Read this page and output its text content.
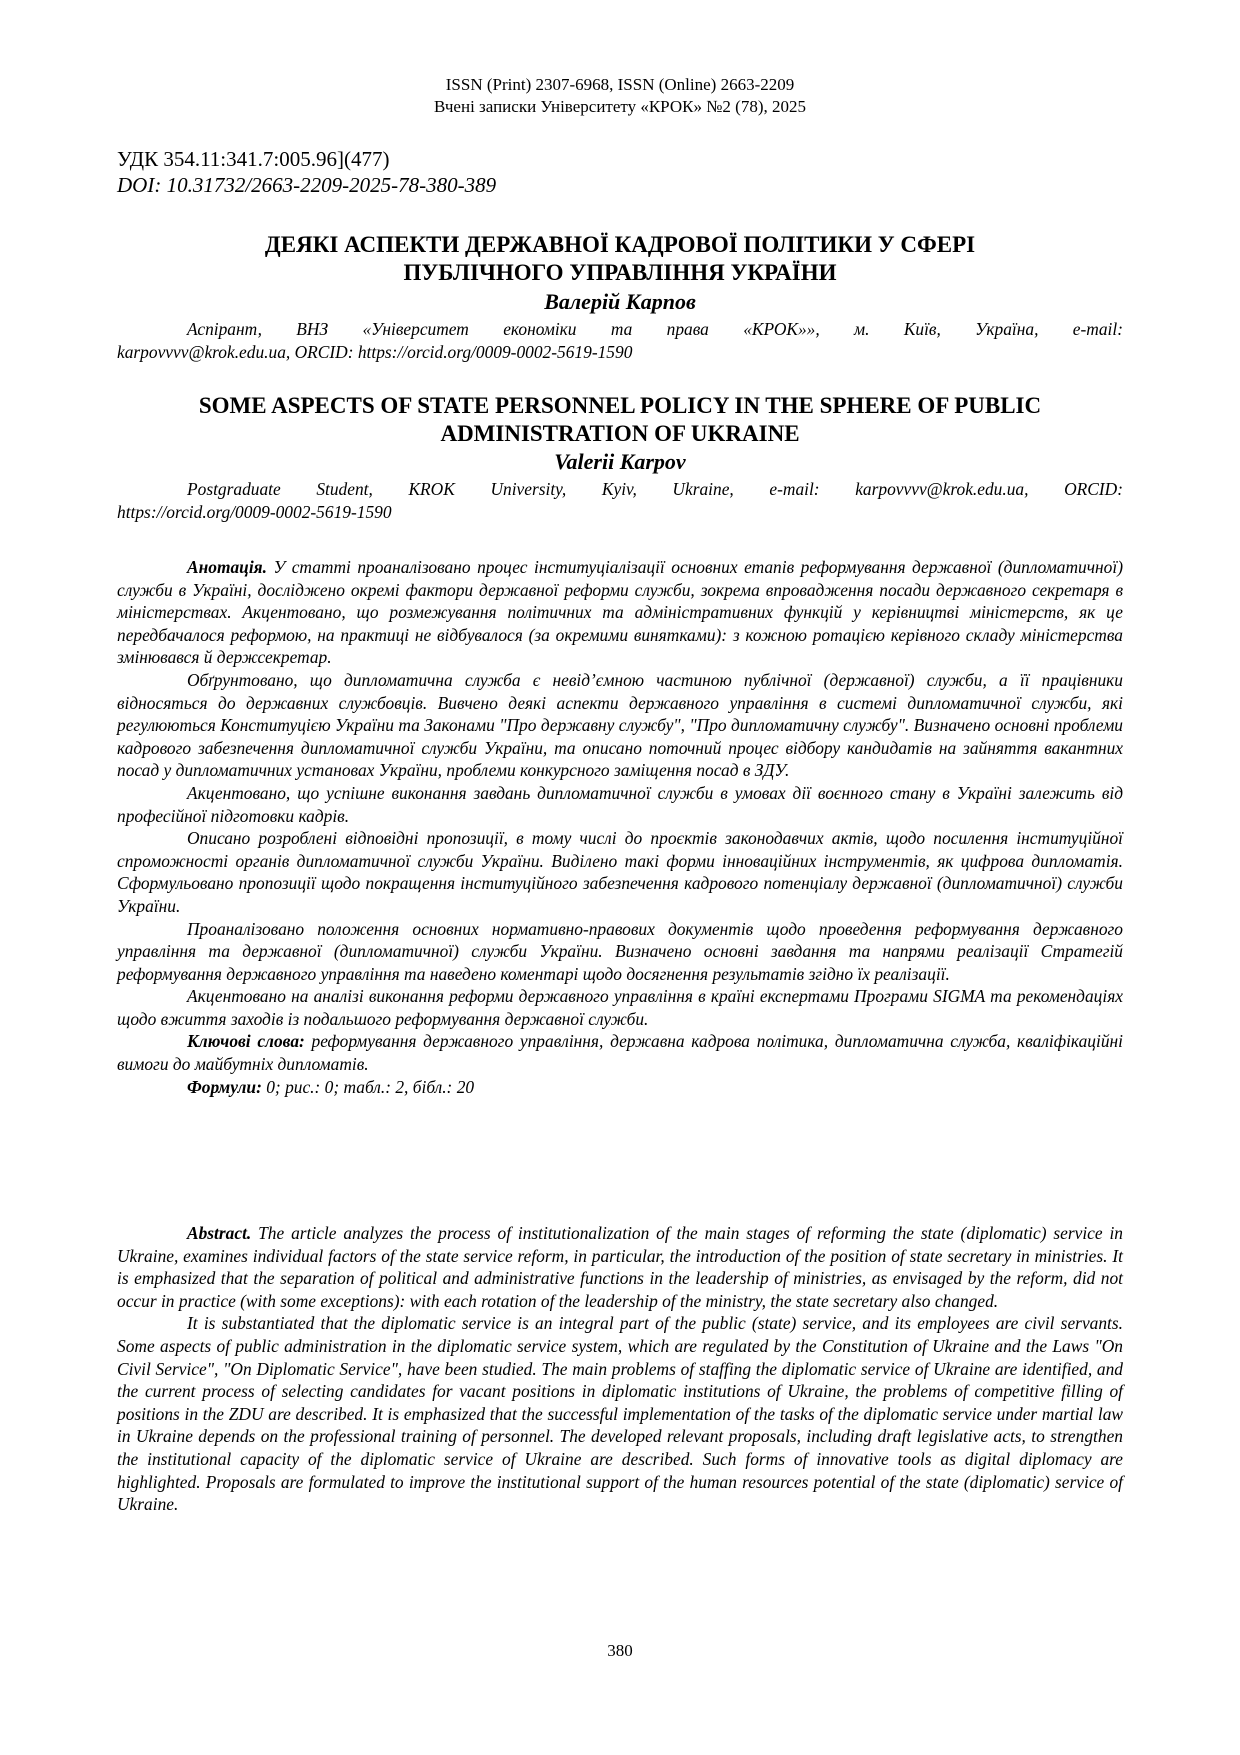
ISSN (Print) 2307-6968, ISSN (Online) 2663-2209
Вчені записки Університету «КРОК» №2 (78), 2025
УДК 354.11:341.7:005.96](477)
DOI: 10.31732/2663-2209-2025-78-380-389
ДЕЯКІ АСПЕКТИ ДЕРЖАВНОЇ КАДРОВОЇ ПОЛІТИКИ У СФЕРІ
ПУБЛІЧНОГО УПРАВЛІННЯ УКРАЇНИ
Валерій Карпов
Аспірант, ВНЗ «Університет економіки та права «КРОК»», м. Київ, Україна, e-mail:
karpovvvv@krok.edu.ua, ORCID: https://orcid.org/0009-0002-5619-1590
SOME ASPECTS OF STATE PERSONNEL POLICY IN THE SPHERE OF PUBLIC
ADMINISTRATION OF UKRAINE
Valerii Karpov
Postgraduate Student, KROK University, Kyiv, Ukraine, e-mail: karpovvvv@krok.edu.ua, ORCID:
https://orcid.org/0009-0002-5619-1590

Анотація. У статті проаналізовано процес інституціалізації основних етапів реформування державної (дипломатичної) служби в Україні, досліджено окремі фактори державної реформи служби, зокрема впровадження посади державного секретаря в міністерствах. Акцентовано, що розмежування політичних та адміністративних функцій у керівництві міністерств, як це передбачалося реформою, на практиці не відбувалося (за окремими винятками): з кожною ротацією керівного складу міністерства змінювався й держсекретар.

Обґрунтовано, що дипломатична служба є невід’ємною частиною публічної (державної) служби, а її працівники відносяться до державних службовців. Вивчено деякі аспекти державного управління в системі дипломатичної служби, які регулюються Конституцією України та Законами "Про державну службу", "Про дипломатичну службу". Визначено основні проблеми кадрового забезпечення дипломатичної служби України, та описано поточний процес відбору кандидатів на зайняття вакантних посад у дипломатичних установах України, проблеми конкурсного заміщення посад в ЗДУ.

Акцентовано, що успішне виконання завдань дипломатичної служби в умовах дії воєнного стану в Україні залежить від професійної підготовки кадрів.

Описано розроблені відповідні пропозиції, в тому числі до проєктів законодавчих актів, щодо посилення інституційної спроможності органів дипломатичної служби України. Виділено такі форми інноваційних інструментів, як цифрова дипломатія. Сформульовано пропозиції щодо покращення інституційного забезпечення кадрового потенціалу державної (дипломатичної) служби України.

Проаналізовано положення основних нормативно-правових документів щодо проведення реформування державного управління та державної (дипломатичної) служби України. Визначено основні завдання та напрями реалізації Стратегій реформування державного управління та наведено коментарі щодо досягнення результатів згідно їх реалізації.

Акцентовано на аналізі виконання реформи державного управління в країні експертами Програми SIGMA та рекомендаціях щодо вжиття заходів із подальшого реформування державної служби.

Ключові слова: реформування державного управління, державна кадрова політика, дипломатична служба, кваліфікаційні вимоги до майбутніх дипломатів.

Формули: 0; рис.: 0; табл.: 2, бібл.: 20

Abstract. The article analyzes the process of institutionalization of the main stages of reforming the state (diplomatic) service in Ukraine, examines individual factors of the state service reform, in particular, the introduction of the position of state secretary in ministries. It is emphasized that the separation of political and administrative functions in the leadership of ministries, as envisaged by the reform, did not occur in practice (with some exceptions): with each rotation of the leadership of the ministry, the state secretary also changed.

It is substantiated that the diplomatic service is an integral part of the public (state) service, and its employees are civil servants. Some aspects of public administration in the diplomatic service system, which are regulated by the Constitution of Ukraine and the Laws "On Civil Service", "On Diplomatic Service", have been studied. The main problems of staffing the diplomatic service of Ukraine are identified, and the current process of selecting candidates for vacant positions in diplomatic institutions of Ukraine, the problems of competitive filling of positions in the ZDU are described. It is emphasized that the successful implementation of the tasks of the diplomatic service under martial law in Ukraine depends on the professional training of personnel. The developed relevant proposals, including draft legislative acts, to strengthen the institutional capacity of the diplomatic service of Ukraine are described. Such forms of innovative tools as digital diplomacy are highlighted. Proposals are formulated to improve the institutional support of the human resources potential of the state (diplomatic) service of Ukraine.

380
